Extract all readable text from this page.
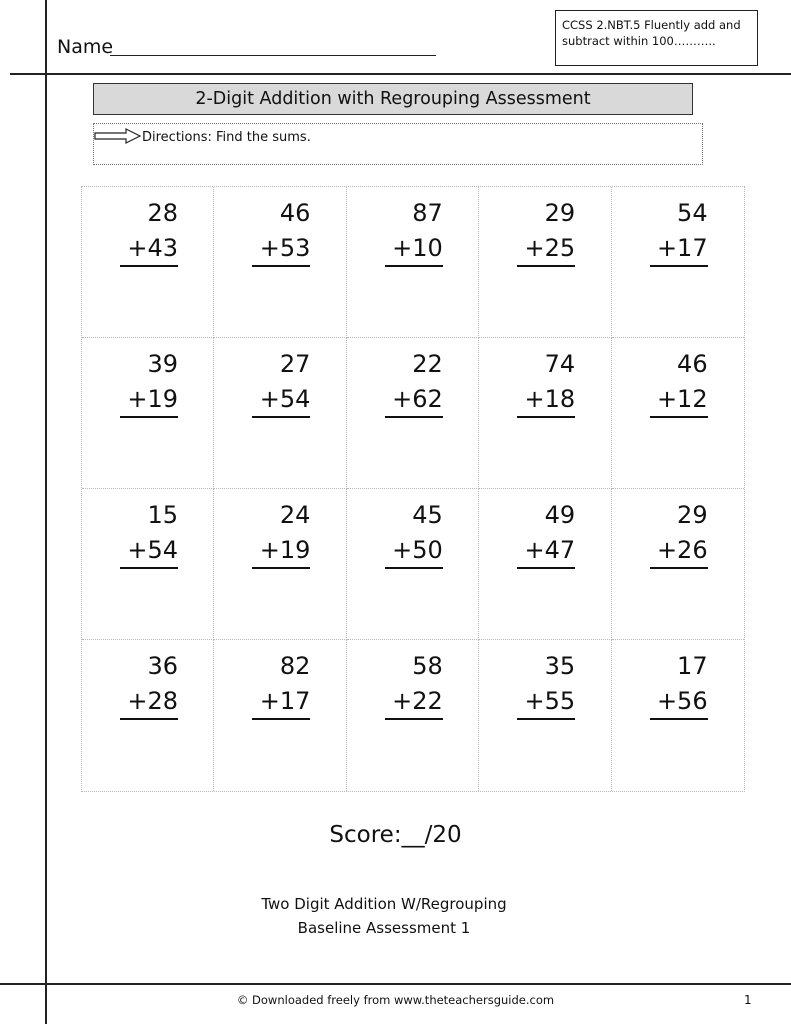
Name
CCSS 2.NBT.5 Fluently add and subtract within 100………..
2-Digit Addition with Regrouping Assessment
Directions: Find the sums.
28
+43
46
+53
87
+10
29
+25
54
+17
39
+19
27
+54
22
+62
74
+18
46
+12
15
+54
24
+19
45
+50
49
+47
29
+26
36
+28
82
+17
58
+22
35
+55
17
+56
Score:__/20
Two Digit Addition W/Regrouping
Baseline Assessment 1
© Downloaded freely from www.theteachersguide.com	1
